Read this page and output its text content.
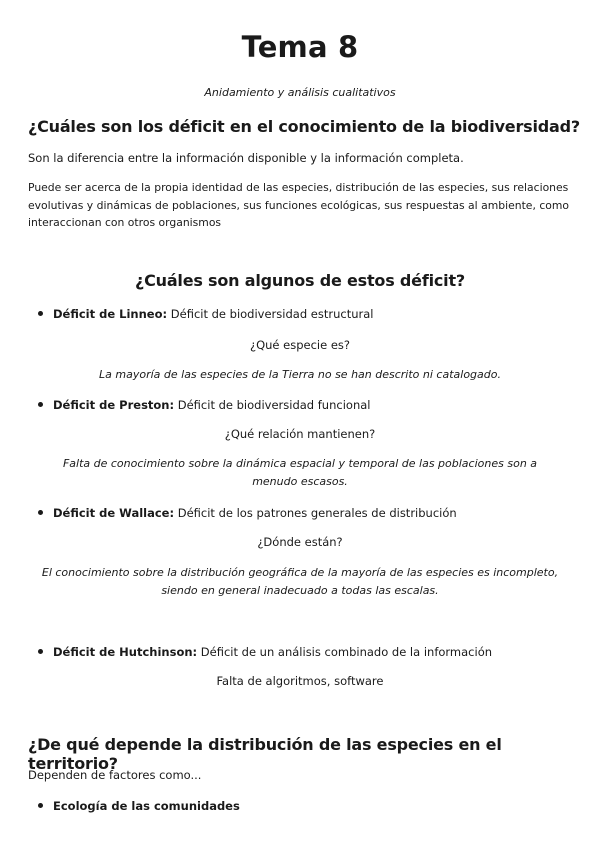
Tema 8
Anidamiento y análisis cualitativos
¿Cuáles son los déficit en el conocimiento de la biodiversidad?
Son la diferencia entre la información disponible y la información completa.
Puede ser acerca de la propia identidad de las especies, distribución de las especies, sus relaciones evolutivas y dinámicas de poblaciones, sus funciones ecológicas, sus respuestas al ambiente, como interaccionan con otros organismos
¿Cuáles son algunos de estos déficit?
Déficit de Linneo: Déficit de biodiversidad estructural
¿Qué especie es?
La mayoría de las especies de la Tierra no se han descrito ni catalogado.
Déficit de Preston: Déficit de biodiversidad funcional
¿Qué relación mantienen?
Falta de conocimiento sobre la dinámica espacial y temporal de las poblaciones son a menudo escasos.
Déficit de Wallace: Déficit de los patrones generales de distribución
¿Dónde están?
El conocimiento sobre la distribución geográfica de la mayoría de las especies es incompleto, siendo en general inadecuado a todas las escalas.
Déficit de Hutchinson: Déficit de un análisis combinado de la información
Falta de algoritmos, software
¿De qué depende la distribución de las especies en el territorio?
Dependen de factores como...
Ecología de las comunidades
